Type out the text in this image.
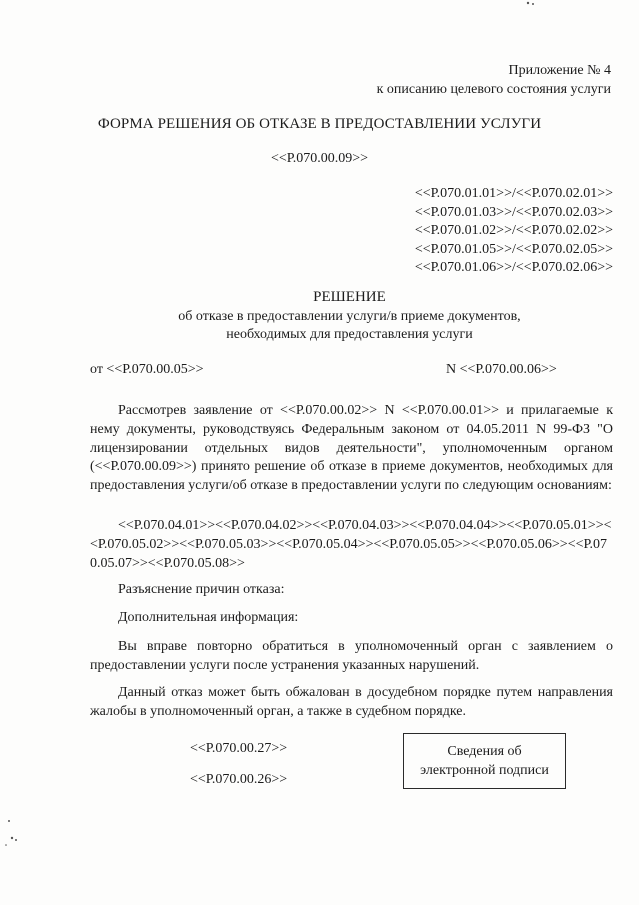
Приложение № 4
к описанию целевого состояния услуги
ФОРМА РЕШЕНИЯ ОБ ОТКАЗЕ В ПРЕДОСТАВЛЕНИИ УСЛУГИ
<<Р.070.00.09>>
<<Р.070.01.01>>/<<Р.070.02.01>>
<<Р.070.01.03>>/<<Р.070.02.03>>
<<Р.070.01.02>>/<<Р.070.02.02>>
<<Р.070.01.05>>/<<Р.070.02.05>>
<<Р.070.01.06>>/<<Р.070.02.06>>
РЕШЕНИЕ
об отказе в предоставлении услуги/в приеме документов,
необходимых для предоставления услуги
от <<Р.070.00.05>>	N <<Р.070.00.06>>
Рассмотрев заявление от <<Р.070.00.02>> N <<Р.070.00.01>> и прилагаемые к нему документы, руководствуясь Федеральным законом от 04.05.2011 N 99-ФЗ "О лицензировании отдельных видов деятельности", уполномоченным органом (<<Р.070.00.09>>) принято решение об отказе в приеме документов, необходимых для предоставления услуги/об отказе в предоставлении услуги по следующим основаниям:
<<Р.070.04.01>><<Р.070.04.02>><<Р.070.04.03>><<Р.070.04.04>><<Р.070.05.01>><<Р.070.05.02>><<Р.070.05.03>><<Р.070.05.04>><<Р.070.05.05>><<Р.070.05.06>><<Р.070.05.07>><<Р.070.05.08>>
Разъяснение причин отказа:
Дополнительная информация:
Вы вправе повторно обратиться в уполномоченный орган с заявлением о предоставлении услуги после устранения указанных нарушений.
Данный отказ может быть обжалован в досудебном порядке путем направления жалобы в уполномоченный орган, а также в судебном порядке.
<<Р.070.00.27>>
<<Р.070.00.26>>
Сведения об
электронной подписи
